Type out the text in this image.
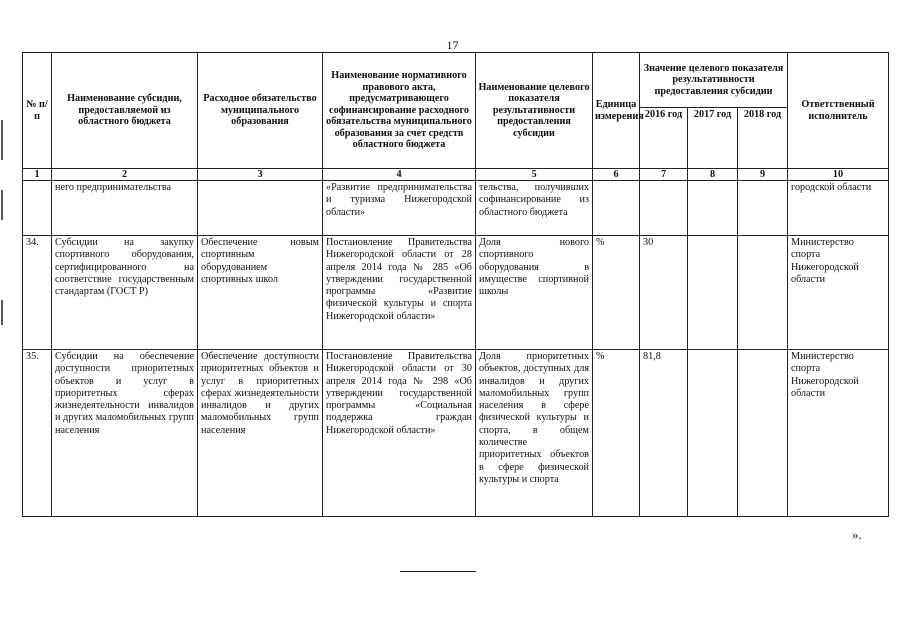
17
№ п/п	Наименование субсидии, предоставляемой из областного бюджета	Расходное обязательство муниципального образования	Наименование нормативного правового акта, предусматривающего софинансирование расходного обязательства муниципального образования за счет средств областного бюджета	Наименование целевого показателя результативности предоставления субсидии	Единица измерения	Значение целевого показателя результативности предоставления субсидии			Ответственный исполнитель
						2016 год	2017 год	2018 год	
1	2	3	4	5	6	7	8	9	10
	него предпринимательства		«Развитие предпринимательства и туризма Нижегородской области»	тельства, получивших софинансирование из областного бюджета					городской области
34.	Субсидии на закупку спортивного оборудования, сертифицированного на соответствие государственным стандартам (ГОСТ Р)	Обеспечение новым спортивным оборудованием спортивных школ	Постановление Правительства Нижегородской области от 28 апреля 2014 года № 285 «Об утверждении государственной программы «Развитие физической культуры и спорта Нижегородской области»	Доля нового спортивного оборудования в имуществе спортивной школы	%	30			Министерство спорта Нижегородской области
35.	Субсидии на обеспечение доступности приоритетных объектов и услуг в приоритетных сферах жизнедеятельности инвалидов и других маломобильных групп населения	Обеспечение доступности приоритетных объектов и услуг в приоритетных сферах жизнедеятельности инвалидов и других маломобильных групп населения	Постановление Правительства Нижегородской области от 30 апреля 2014 года № 298 «Об утверждении государственной программы «Социальная поддержка граждан Нижегородской области»	Доля приоритетных объектов, доступных для инвалидов и других маломобильных групп населения в сфере физической культуры и спорта, в общем количестве приоритетных объектов в сфере физической культуры и спорта	%	81,8			Министерство спорта Нижегородской области
».
